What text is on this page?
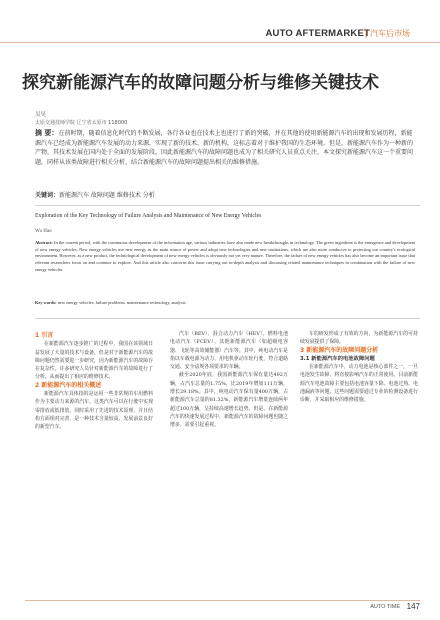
AUTO AFTERMARKET
| 汽车后市场
探究新能源汽车的故障问题分析与维修关键技术
吴昊
太原交通技师学院 辽宁省太原市 118000
摘 要：在前时期，随着信息化时代的不断发展，各行各业也在技术上也进行了新的突破，并在其他的使用新能源汽车的出现和发展历程，新能源汽车已经成为新能源汽车发展的动力来源，实现了新的技术、新的机构，这标志着对于维护我国的生态环境。但是，新能源汽车作为一种新的产物，其技术发展在国内处于全面的发展阶段，因此新能源汽车的故障问题也成为了相关研究人员重点关注，本文探究新能源汽车这一个重要问题，同样从该类故障进行相关分析，结合新能源汽车的故障问题提出相关的维修措施。
关键词：新能源汽车 故障问题 维修技术 分析
Exploration of the Key Technology of Failure Analysis and Maintenance of New Energy Vehicles
Wu Hao
Abstract: In the current period, with the continuous development of the information age, various industries have also made new breakthroughs in technology. The green ingredient is the emergence and development of new energy vehicles. New energy vehicles use new energy as the main source of power and adopt new technologies and new institutions, which are also more conducive to protecting our country's ecological environment. However, as a new product, the technological development of new energy vehicles is obviously not yet very mature. Therefore, the failure of new energy vehicles has also become an important issue that relevant researchers focus on and continue to explore. And this article also concerns this issue carrying out in-depth analysis and discussing related maintenance techniques in combination with the failure of new energy vehicles.
Key words: new energy vehicles, failure problems, maintenance technology, analysis

1 引言

在新能源汽车逐步推广的过程中，我国在该领域日益发展了大量的技术与设备，但是对于新能源汽车的故障问题仍然需要进一步研究，因为新能源汽车的故障存在复杂性，许多研究人员针对新能源汽车的故障进行了分析，从而提出了相应的维修技术。

2 新能源汽车的相关概述

新能源汽车具体指的是运用一些非常规的车用燃料作为主要动力来源的汽车，这类汽车可以在行驶中实现零排放或低排放，同时采用了先进的技术原理，并且结构方面相对完善，是一种技术含量较高、发展前景良好的新型汽车。

汽车（BEV）、混合动力汽车（HEV）、燃料电池电动汽车（FCEV）、其他新能源汽车（如超级电容器、飞轮等高效储能器）汽车等。其中，纯电动汽车是指以车载电源为动力，用电机驱动车轮行驶，符合道路交通、安全法规各项要求的车辆。

截至2020年底，我国新能源汽车保有量达492万辆，占汽车总量的1.75%，比2019年增加111万辆，增长29.18%。其中，纯电动汽车保有量400万辆，占新能源汽车总量的81.32%。新能源汽车增量连续两年超过100万辆，呈持续高速增长趋势。但是，在新能源汽车的快速发展过程中，新能源汽车的故障问题也随之增多，需要引起重视。

车的研发形成了有效的方向，为新能源汽车的可持续发展提供了保障。

3 新能源汽车的故障问题分析

3.1 新能源汽车的电池故障问题

在新能源汽车中，动力电池是核心部件之一，一旦电池发生故障，将直接影响汽车的正常使用。目前新能源汽车电池故障主要包括电池容量下降、电池过热、电池漏液等问题，这些问题需要通过专业的检测设备进行诊断，并采取相应的维修措施。

AUTO TIME 147
